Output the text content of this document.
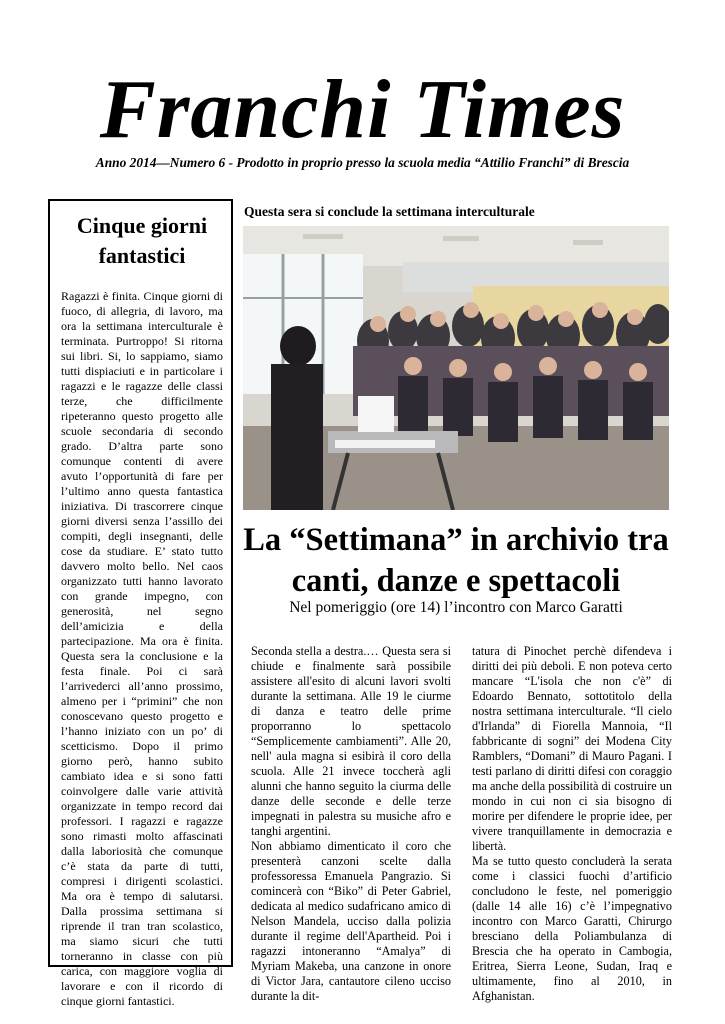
Franchi Times
Anno 2014—Numero 6 - Prodotto in proprio presso la scuola media “Attilio Franchi” di Brescia
Cinque giorni fantastici

Ragazzi è finita. Cinque giorni di fuoco, di allegria, di lavoro, ma ora la settimana interculturale è terminata. Purtroppo! Si ritorna sui libri. Si, lo sappiamo, siamo tutti dispiaciuti e in particolare i ragazzi e le ragazze delle classi terze, che difficilmente ripeteranno questo progetto alle scuole secondaria di secondo grado. D’altra parte sono comunque contenti di avere avuto l’opportunità di fare per l’ultimo anno questa fantastica iniziativa. Di trascorrere cinque giorni diversi senza l’assillo dei compiti, degli insegnanti, delle cose da studiare. E’ stato tutto davvero molto bello. Nel caos organizzato tutti hanno lavorato con grande impegno, con generosità, nel segno dell’amicizia e della partecipazione. Ma ora è finita. Questa sera la conclusione e la festa finale. Poi ci sarà l’arrivederci all’anno prossimo, almeno per i “primini” che non conoscevano questo progetto e l’hanno iniziato con un po’ di scetticismo. Dopo il primo giorno però, hanno subito cambiato idea e si sono fatti coinvolgere dalle varie attività organizzate in tempo record dai professori. I ragazzi e ragazze sono rimasti molto affascinati dalla laboriosità che comunque c’è stata da parte di tutti, compresi i dirigenti scolastici. Ma ora è tempo di salutarsi. Dalla prossima settimana si riprende il tran tran scolastico, ma siamo sicuri che tutti torneranno in classe con più carica, con maggiore voglia di lavorare e con il ricordo di cinque giorni fantastici.

Questa sera si conclude la settimana interculturale
La “Settimana” in archivio tra canti, danze e spettacoli
Nel pomeriggio (ore 14) l’incontro con Marco Garatti

Seconda stella a destra.… Questa sera si chiude e finalmente sarà possibile assistere all'esito di alcuni lavori svolti durante la settimana. Alle 19 le ciurme di danza e teatro delle prime proporranno lo spettacolo “Semplicemente cambiamenti”. Alle 20, nell' aula magna si esibirà il coro della scuola. Alle 21 invece toccherà agli alunni che hanno seguito la ciurma delle danze delle seconde e delle terze impegnati in palestra su musiche afro e tanghi argentini.

Non abbiamo dimenticato il coro che presenterà canzoni scelte dalla professoressa Emanuela Pangrazio. Si comincerà con “Biko” di Peter Gabriel, dedicata al medico sudafricano amico di Nelson Mandela, ucciso dalla polizia durante il regime dell'Apartheid. Poi i ragazzi intoneranno “Amalya” di Myriam Makeba, una canzone in onore di Victor Jara, cantautore cileno ucciso durante la dit-

tatura di Pinochet perchè difendeva i diritti dei più deboli. E non poteva certo mancare “L'isola che non c'è” di Edoardo Bennato, sottotitolo della nostra settimana interculturale. “Il cielo d'Irlanda” di Fiorella Mannoia, “Il fabbricante di sogni” dei Modena City Ramblers, “Domani” di Mauro Pagani. I testi parlano di diritti difesi con coraggio ma anche della possibilità di costruire un mondo in cui non ci sia bisogno di morire per difendere le proprie idee, per vivere tranquillamente in democrazia e libertà.

Ma se tutto questo concluderà la serata come i classici fuochi d’artificio concludono le feste, nel pomeriggio (dalle 14 alle 16) c’è l’impegnativo incontro con Marco Garatti, Chirurgo bresciano della Poliambulanza di Brescia che ha operato in Cambogia, Eritrea, Sierra Leone, Sudan, Iraq e ultimamente, fino al 2010, in Afghanistan.
